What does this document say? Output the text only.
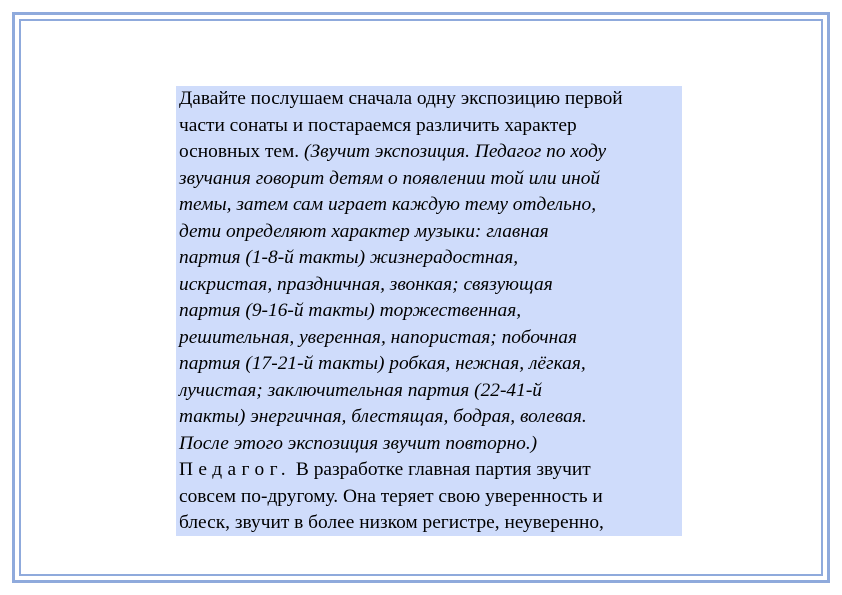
Давайте послушаем сначала одну экспозицию первой
части сонаты и постараемся различить характер
основных тем. (Звучит экспозиция. Педагог по ходу
звучания говорит детям о появлении той или иной
темы, затем сам играет каждую тему отдельно,
дети определяют характер музыки: главная
партия (1-8-й такты) жизнерадостная,
искристая, праздничная, звонкая; связующая
партия (9-16-й такты) торжественная,
решительная, уверенная, напористая; побочная
партия (17-21-й такты) робкая, нежная, лёгкая,
лучистая; заключительная партия (22-41-й
такты) энергичная, блестящая, бодрая, волевая.
После этого экспозиция звучит повторно.)
Педагог. В разработке главная партия звучит
совсем по-другому. Она теряет свою уверенность и
блеск, звучит в более низком регистре, неуверенно,
